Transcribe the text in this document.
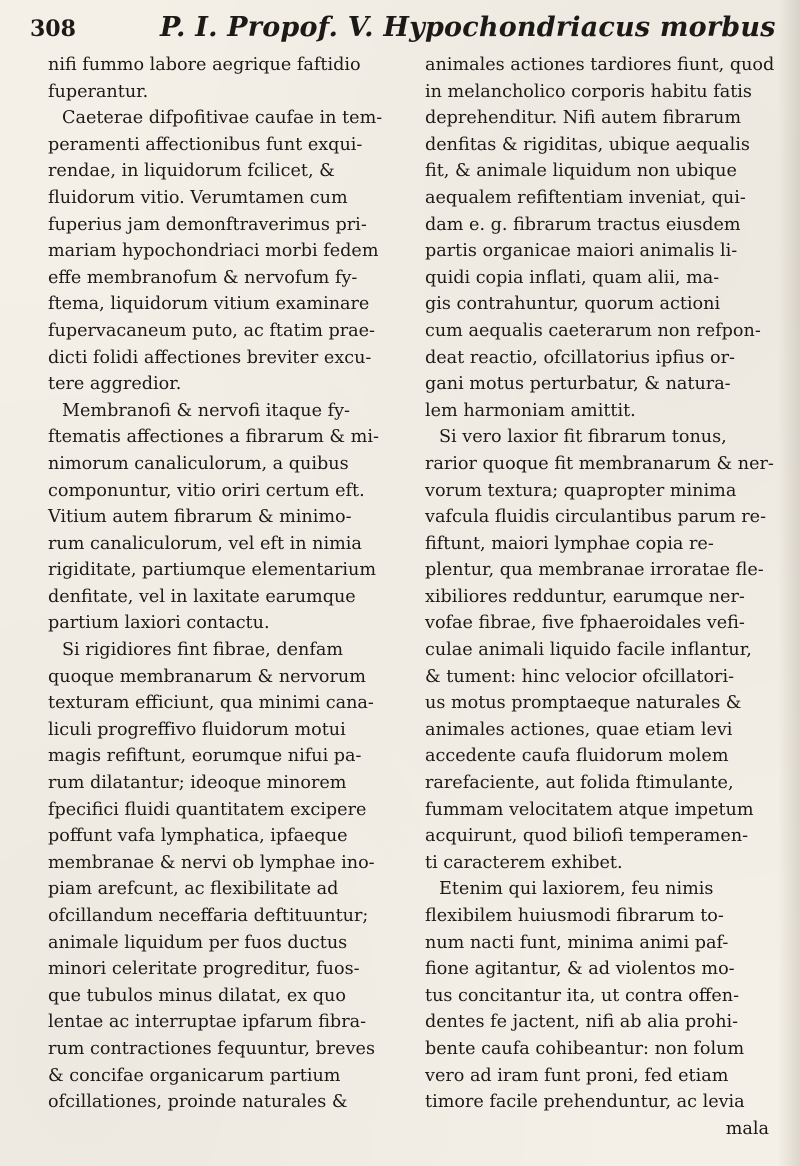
308	P. I. Propof. V. Hypochondriacus morbus
nifi fummo labore aegrique faftidio
fuperantur.
Caeterae difpofitivae caufae in tem-
peramenti affectionibus funt exqui-
rendae, in liquidorum fcilicet, &
fluidorum vitio. Verumtamen cum
fuperius jam demonftraverimus pri-
mariam hypochondriaci morbi fedem
effe membranofum & nervofum fy-
ftema, liquidorum vitium examinare
fupervacaneum puto, ac ftatim prae-
dicti folidi affectiones breviter excu-
tere aggredior.
Membranofi & nervofi itaque fy-
ftematis affectiones a fibrarum & mi-
nimorum canaliculorum, a quibus
componuntur, vitio oriri certum eft.
Vitium autem fibrarum & minimo-
rum canaliculorum, vel eft in nimia
rigiditate, partiumque elementarium
denfitate, vel in laxitate earumque
partium laxiori contactu.
Si rigidiores fint fibrae, denfam
quoque membranarum & nervorum
texturam efficiunt, qua minimi cana-
liculi progreffivo fluidorum motui
magis refiftunt, eorumque nifui pa-
rum dilatantur; ideoque minorem
fpecifici fluidi quantitatem excipere
poffunt vafa lymphatica, ipfaeque
membranae & nervi ob lymphae ino-
piam arefcunt, ac flexibilitate ad
ofcillandum neceffaria deftituuntur;
animale liquidum per fuos ductus
minori celeritate progreditur, fuos-
que tubulos minus dilatat, ex quo
lentae ac interruptae ipfarum fibra-
rum contractiones fequuntur, breves
& concifae organicarum partium
ofcillationes, proinde naturales &
animales actiones tardiores fiunt, quod
in melancholico corporis habitu fatis
deprehenditur. Nifi autem fibrarum
denfitas & rigiditas, ubique aequalis
fit, & animale liquidum non ubique
aequalem refiftentiam inveniat, qui-
dam e. g. fibrarum tractus eiusdem
partis organicae maiori animalis li-
quidi copia inflati, quam alii, ma-
gis contrahuntur, quorum actioni
cum aequalis caeterarum non refpon-
deat reactio, ofcillatorius ipfius or-
gani motus perturbatur, & natura-
lem harmoniam amittit.
Si vero laxior fit fibrarum tonus,
rarior quoque fit membranarum & ner-
vorum textura; quapropter minima
vafcula fluidis circulantibus parum re-
fiftunt, maiori lymphae copia re-
plentur, qua membranae irroratae fle-
xibiliores redduntur, earumque ner-
vofae fibrae, five fphaeroidales vefi-
culae animali liquido facile inflantur,
& tument: hinc velocior ofcillatori-
us motus promptaeque naturales &
animales actiones, quae etiam levi
accedente caufa fluidorum molem
rarefaciente, aut folida ftimulante,
fummam velocitatem atque impetum
acquirunt, quod biliofi temperamen-
ti caracterem exhibet.
Etenim qui laxiorem, feu nimis
flexibilem huiusmodi fibrarum to-
num nacti funt, minima animi paf-
fione agitantur, & ad violentos mo-
tus concitantur ita, ut contra offen-
dentes fe jactent, nifi ab alia prohi-
bente caufa cohibeantur: non folum
vero ad iram funt proni, fed etiam
timore facile prehenduntur, ac levia
mala
